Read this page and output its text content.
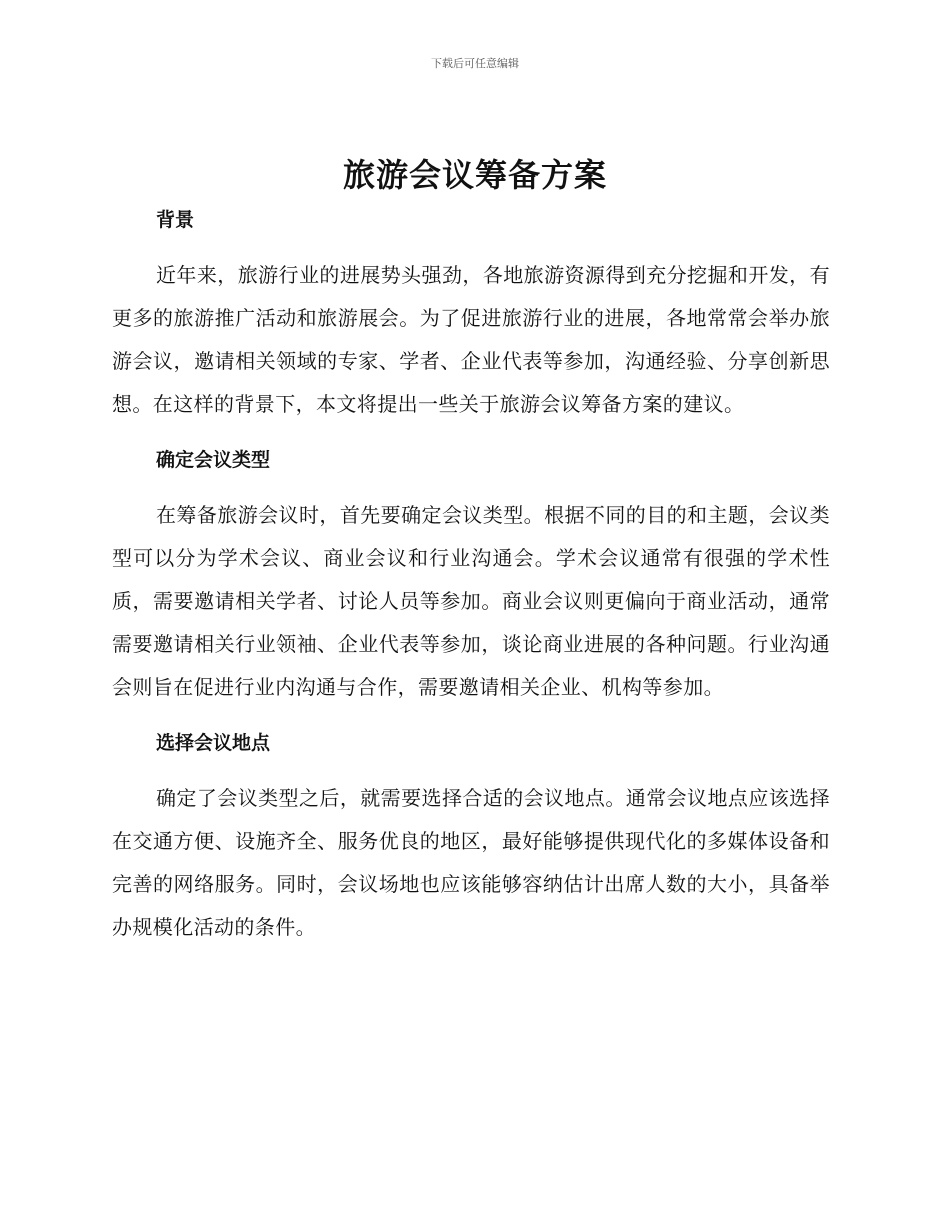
下载后可任意编辑
旅游会议筹备方案
背景

近年来，旅游行业的进展势头强劲，各地旅游资源得到充分挖掘和开发，有更多的旅游推广活动和旅游展会。为了促进旅游行业的进展，各地常常会举办旅游会议，邀请相关领域的专家、学者、企业代表等参加，沟通经验、分享创新思想。在这样的背景下，本文将提出一些关于旅游会议筹备方案的建议。

确定会议类型

在筹备旅游会议时，首先要确定会议类型。根据不同的目的和主题，会议类型可以分为学术会议、商业会议和行业沟通会。学术会议通常有很强的学术性质，需要邀请相关学者、讨论人员等参加。商业会议则更偏向于商业活动，通常需要邀请相关行业领袖、企业代表等参加，谈论商业进展的各种问题。行业沟通会则旨在促进行业内沟通与合作，需要邀请相关企业、机构等参加。

选择会议地点

确定了会议类型之后，就需要选择合适的会议地点。通常会议地点应该选择在交通方便、设施齐全、服务优良的地区，最好能够提供现代化的多媒体设备和完善的网络服务。同时，会议场地也应该能够容纳估计出席人数的大小，具备举办规模化活动的条件。
